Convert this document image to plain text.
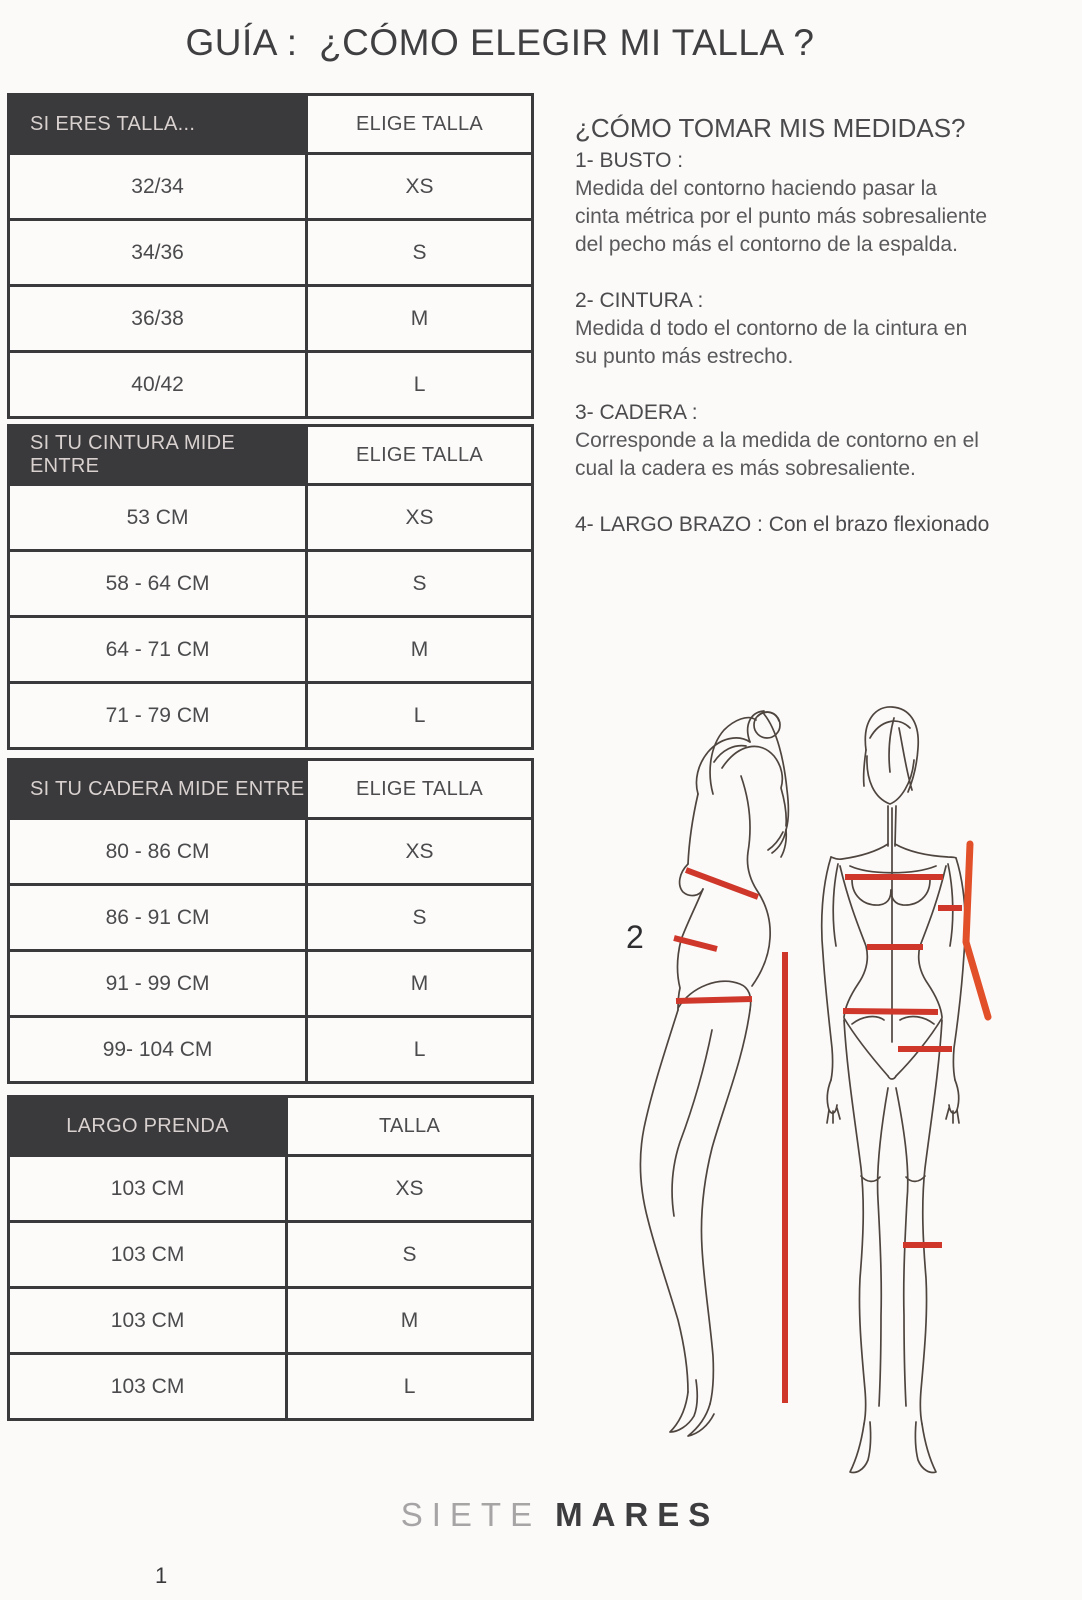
GUÍA :  ¿CÓMO ELEGIR MI TALLA ?
SI ERES TALLA...	ELIGE TALLA
32/34	XS
34/36	S
36/38	M
40/42	L
SI TU CINTURA MIDE ENTRE	ELIGE TALLA
53 CM	XS
58 - 64 CM	S
64 - 71 CM	M
71 - 79 CM	L
SI TU CADERA MIDE ENTRE	ELIGE TALLA
80 - 86 CM	XS
86 - 91 CM	S
91 - 99 CM	M
99- 104 CM	L
LARGO PRENDA	TALLA
103 CM	XS
103 CM	S
103 CM	M
103 CM	L
¿CÓMO TOMAR MIS MEDIDAS?
1- BUSTO :
Medida del contorno haciendo pasar la
cinta métrica por el punto más sobresaliente
del pecho más el contorno de la espalda.
2- CINTURA :
Medida d todo el contorno de la cintura en
su punto más estrecho.
3- CADERA :
Corresponde a la medida de contorno en el
cual la cadera es más sobresaliente.
4- LARGO BRAZO : Con el brazo flexionado
2
SIETE MARES
1
